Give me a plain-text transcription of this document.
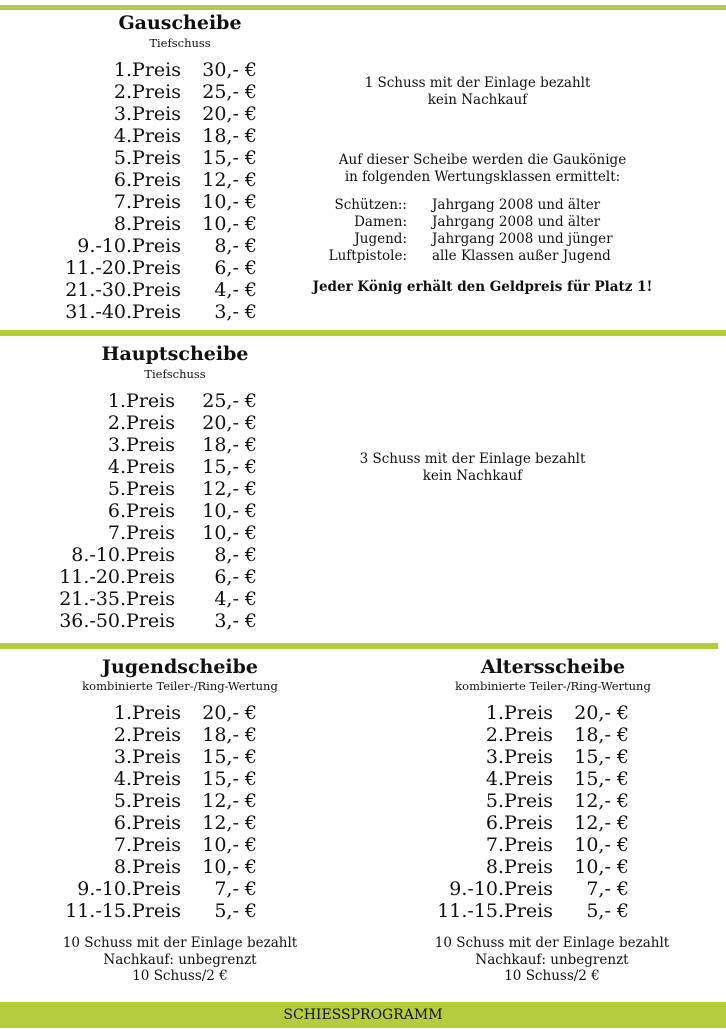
Gauscheibe
Tiefschuss
1.Preis	30,- €
2.Preis	25,- €
3.Preis	20,- €
4.Preis	18,- €
5.Preis	15,- €
6.Preis	12,- €
7.Preis	10,- €
8.Preis	10,- €
9.-10.Preis	8,- €
11.-20.Preis	6,- €
21.-30.Preis	4,- €
31.-40.Preis	3,- €
1 Schuss mit der Einlage bezahlt
kein Nachkauf
Auf dieser Scheibe werden die Gaukönige
in folgenden Wertungsklassen ermittelt:
Schützen:: Jahrgang 2008 und älter
Damen: Jahrgang 2008 und älter
Jugend: Jahrgang 2008 und jünger
Luftpistole: alle Klassen außer Jugend
Jeder König erhält den Geldpreis für Platz 1!
Hauptscheibe
Tiefschuss
1.Preis	25,- €
2.Preis	20,- €
3.Preis	18,- €
4.Preis	15,- €
5.Preis	12,- €
6.Preis	10,- €
7.Preis	10,- €
8.-10.Preis	8,- €
11.-20.Preis	6,- €
21.-35.Preis	4,- €
36.-50.Preis	3,- €
3 Schuss mit der Einlage bezahlt
kein Nachkauf
Jugendscheibe
kombinierte Teiler-/Ring-Wertung
1.Preis	20,- €
2.Preis	18,- €
3.Preis	15,- €
4.Preis	15,- €
5.Preis	12,- €
6.Preis	12,- €
7.Preis	10,- €
8.Preis	10,- €
9.-10.Preis	7,- €
11.-15.Preis	5,- €
10 Schuss mit der Einlage bezahlt
Nachkauf: unbegrenzt
10 Schuss/2 €
Altersscheibe
kombinierte Teiler-/Ring-Wertung
1.Preis	20,- €
2.Preis	18,- €
3.Preis	15,- €
4.Preis	15,- €
5.Preis	12,- €
6.Preis	12,- €
7.Preis	10,- €
8.Preis	10,- €
9.-10.Preis	7,- €
11.-15.Preis	5,- €
10 Schuss mit der Einlage bezahlt
Nachkauf: unbegrenzt
10 Schuss/2 €
SCHIESSPROGRAMM
